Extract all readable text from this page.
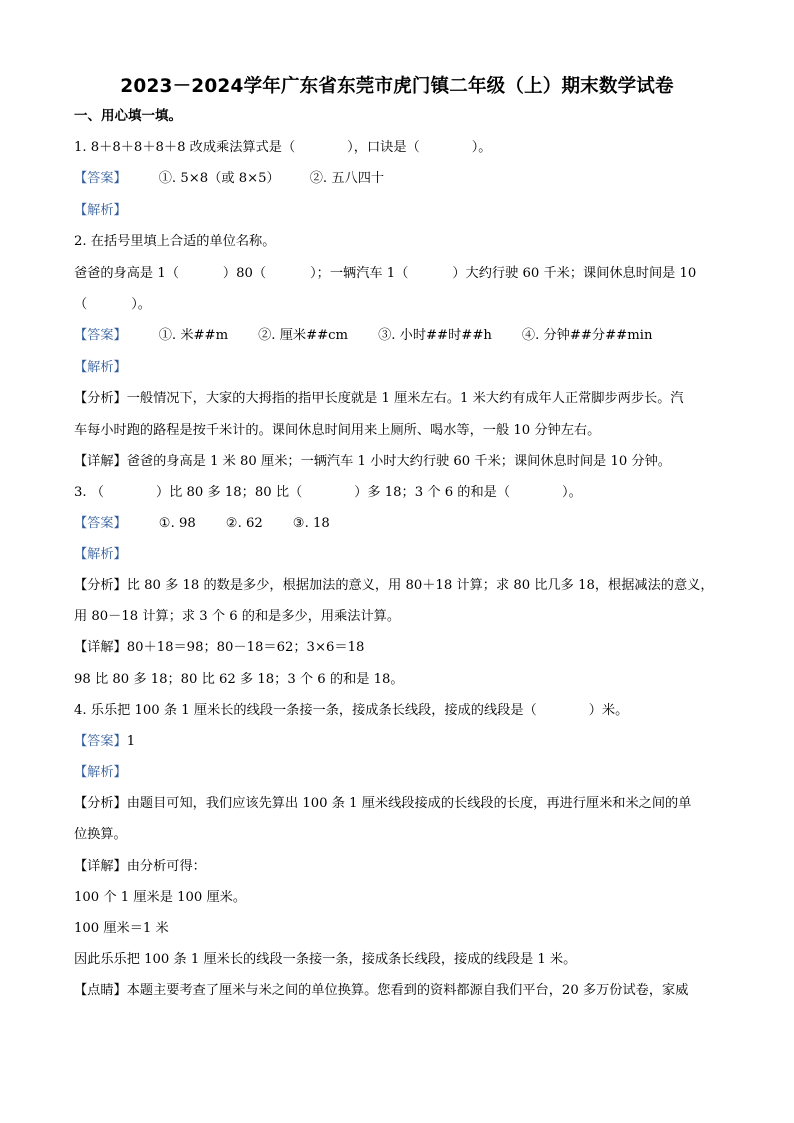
2023－2024学年广东省东莞市虎门镇二年级（上）期末数学试卷
一、用心填一填。
1. 8＋8＋8＋8＋8 改成乘法算式是（	），口诀是（	）。
【答案】 ①. 5×8（或 8×5） ②. 五八四十
【解析】
2. 在括号里填上合适的单位名称。
爸爸的身高是 1（	）80（	）；一辆汽车 1（	）大约行驶 60 千米；课间休息时间是 10
（	）。
【答案】 ①. 米##m ②. 厘米##cm ③. 小时##时##h ④. 分钟##分##min
【解析】
【分析】一般情况下，大家的大拇指的指甲长度就是 1 厘米左右。1 米大约有成年人正常脚步两步长。汽
车每小时跑的路程是按千米计的。课间休息时间用来上厕所、喝水等，一般 10 分钟左右。
【详解】爸爸的身高是 1 米 80 厘米；一辆汽车 1 小时大约行驶 60 千米；课间休息时间是 10 分钟。
3. （	）比 80 多 18；80 比（	）多 18；3 个 6 的和是（	）。
【答案】 ①. 98 ②. 62 ③. 18
【解析】
【分析】比 80 多 18 的数是多少，根据加法的意义，用 80＋18 计算；求 80 比几多 18，根据减法的意义，
用 80－18 计算；求 3 个 6 的和是多少，用乘法计算。
【详解】80＋18＝98；80－18＝62；3×6＝18
98 比 80 多 18；80 比 62 多 18；3 个 6 的和是 18。
4. 乐乐把 100 条 1 厘米长的线段一条接一条，接成条长线段，接成的线段是（	）米。
【答案】1
【解析】
【分析】由题目可知，我们应该先算出 100 条 1 厘米线段接成的长线段的长度，再进行厘米和米之间的单
位换算。
【详解】由分析可得：
100 个 1 厘米是 100 厘米。
100 厘米＝1 米
因此乐乐把 100 条 1 厘米长的线段一条接一条，接成条长线段，接成的线段是 1 米。
【点睛】本题主要考查了厘米与米之间的单位换算。您看到的资料都源自我们平台，20 多万份试卷，家威
